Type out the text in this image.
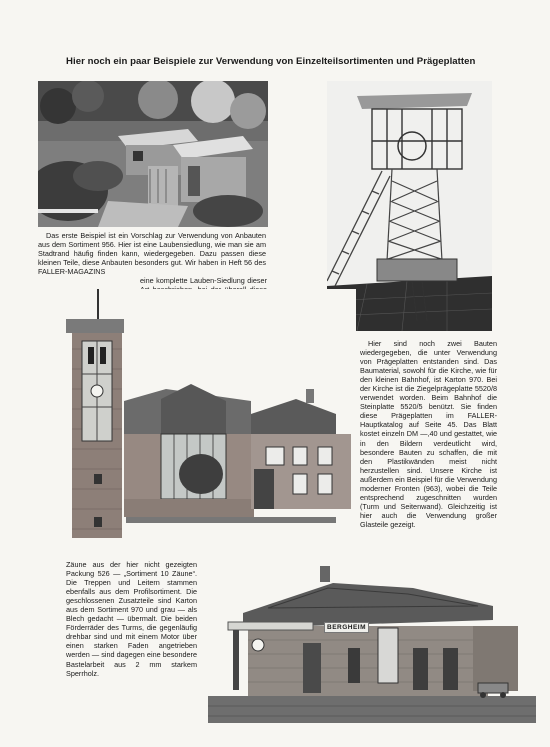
Hier noch ein paar Beispiele zur Verwendung von Einzelteilsortimenten und Prägeplatten

Das erste Beispiel ist ein Vorschlag zur Verwendung von Anbauten aus dem Sortiment 956. Hier ist eine Laubensiedlung, wie man sie am Stadtrand häufig finden kann, wiedergegeben. Dazu passen diese kleinen Teile, diese Anbauten besonders gut. Wir haben in Heft 56 des FALLER-MAGAZINS

eine komplette Lauben-Siedlung dieser

Hier sind noch zwei Bauten wiedergegeben, die unter Verwendung von Prägeplatten entstanden sind. Das Baumaterial, sowohl für die Kirche, wie für den kleinen Bahnhof, ist Karton 970. Bei der Kirche ist die Ziegelprägeplatte 5520/8 verwendet worden. Beim Bahnhof die Steinplatte 5520/5 benützt. Sie finden diese Prägeplatten im FALLER-Hauptkatalog auf Seite 45. Das Blatt kostet einzeln DM —,40 und gestattet, wie in den Bildern verdeutlicht wird, besondere Bauten zu schaffen, die mit den Plastikwänden meist nicht herzustellen sind. Unsere Kirche ist außerdem ein Beispiel für die Verwendung moderner Fronten (963), wobei die Teile entsprechend zugeschnitten wurden (Turm und Seitenwand). Gleichzeitig ist hier auch die Verwendung großer Glasteile gezeigt.

Zäune aus der hier nicht gezeigten Packung 526 — „Sortiment 10 Zäune“. Die Treppen und Leitern stammen ebenfalls aus dem Profilsortiment. Die geschlossenen Zusatzteile sind Karton aus dem Sortiment 970 und grau — als Blech gedacht — übermalt. Die beiden Förderräder des Turms, die gegenläufig drehbar sind und mit einem Motor über einen starken Faden angetrieben werden — sind dagegen eine besondere Bastelarbeit aus 2 mm starkem Sperrholz.

BERGHEIM
